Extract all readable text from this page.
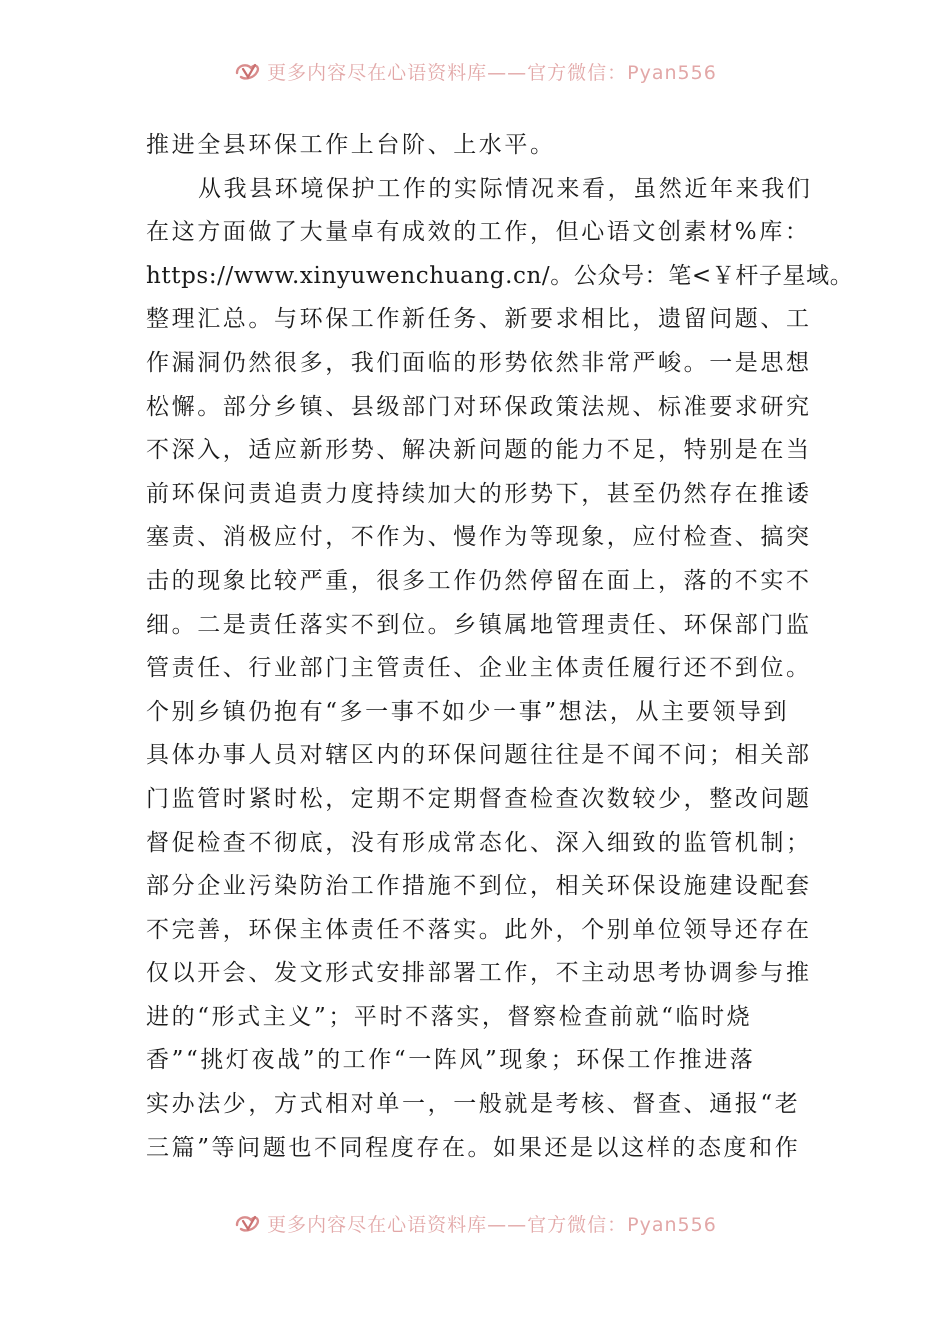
更多内容尽在心语资料库——官方微信：Pyan556
推进全县环保工作上台阶、上水平。
从我县环境保护工作的实际情况来看，虽然近年来我们
在这方面做了大量卓有成效的工作，但心语文创素材%库：
https://www.xinyuwenchuang.cn/。公众号：笔<￥杆子星域。
整理汇总。与环保工作新任务、新要求相比，遗留问题、工
作漏洞仍然很多，我们面临的形势依然非常严峻。一是思想
松懈。部分乡镇、县级部门对环保政策法规、标准要求研究
不深入，适应新形势、解决新问题的能力不足，特别是在当
前环保问责追责力度持续加大的形势下，甚至仍然存在推诿
塞责、消极应付，不作为、慢作为等现象，应付检查、搞突
击的现象比较严重，很多工作仍然停留在面上，落的不实不
细。二是责任落实不到位。乡镇属地管理责任、环保部门监
管责任、行业部门主管责任、企业主体责任履行还不到位。
个别乡镇仍抱有“多一事不如少一事”想法，从主要领导到
具体办事人员对辖区内的环保问题往往是不闻不问；相关部
门监管时紧时松，定期不定期督查检查次数较少，整改问题
督促检查不彻底，没有形成常态化、深入细致的监管机制；
部分企业污染防治工作措施不到位，相关环保设施建设配套
不完善，环保主体责任不落实。此外，个别单位领导还存在
仅以开会、发文形式安排部署工作，不主动思考协调参与推
进的“形式主义”；平时不落实，督察检查前就“临时烧
香”“挑灯夜战”的工作“一阵风”现象；环保工作推进落
实办法少，方式相对单一，一般就是考核、督查、通报“老
三篇”等问题也不同程度存在。如果还是以这样的态度和作
更多内容尽在心语资料库——官方微信：Pyan556
